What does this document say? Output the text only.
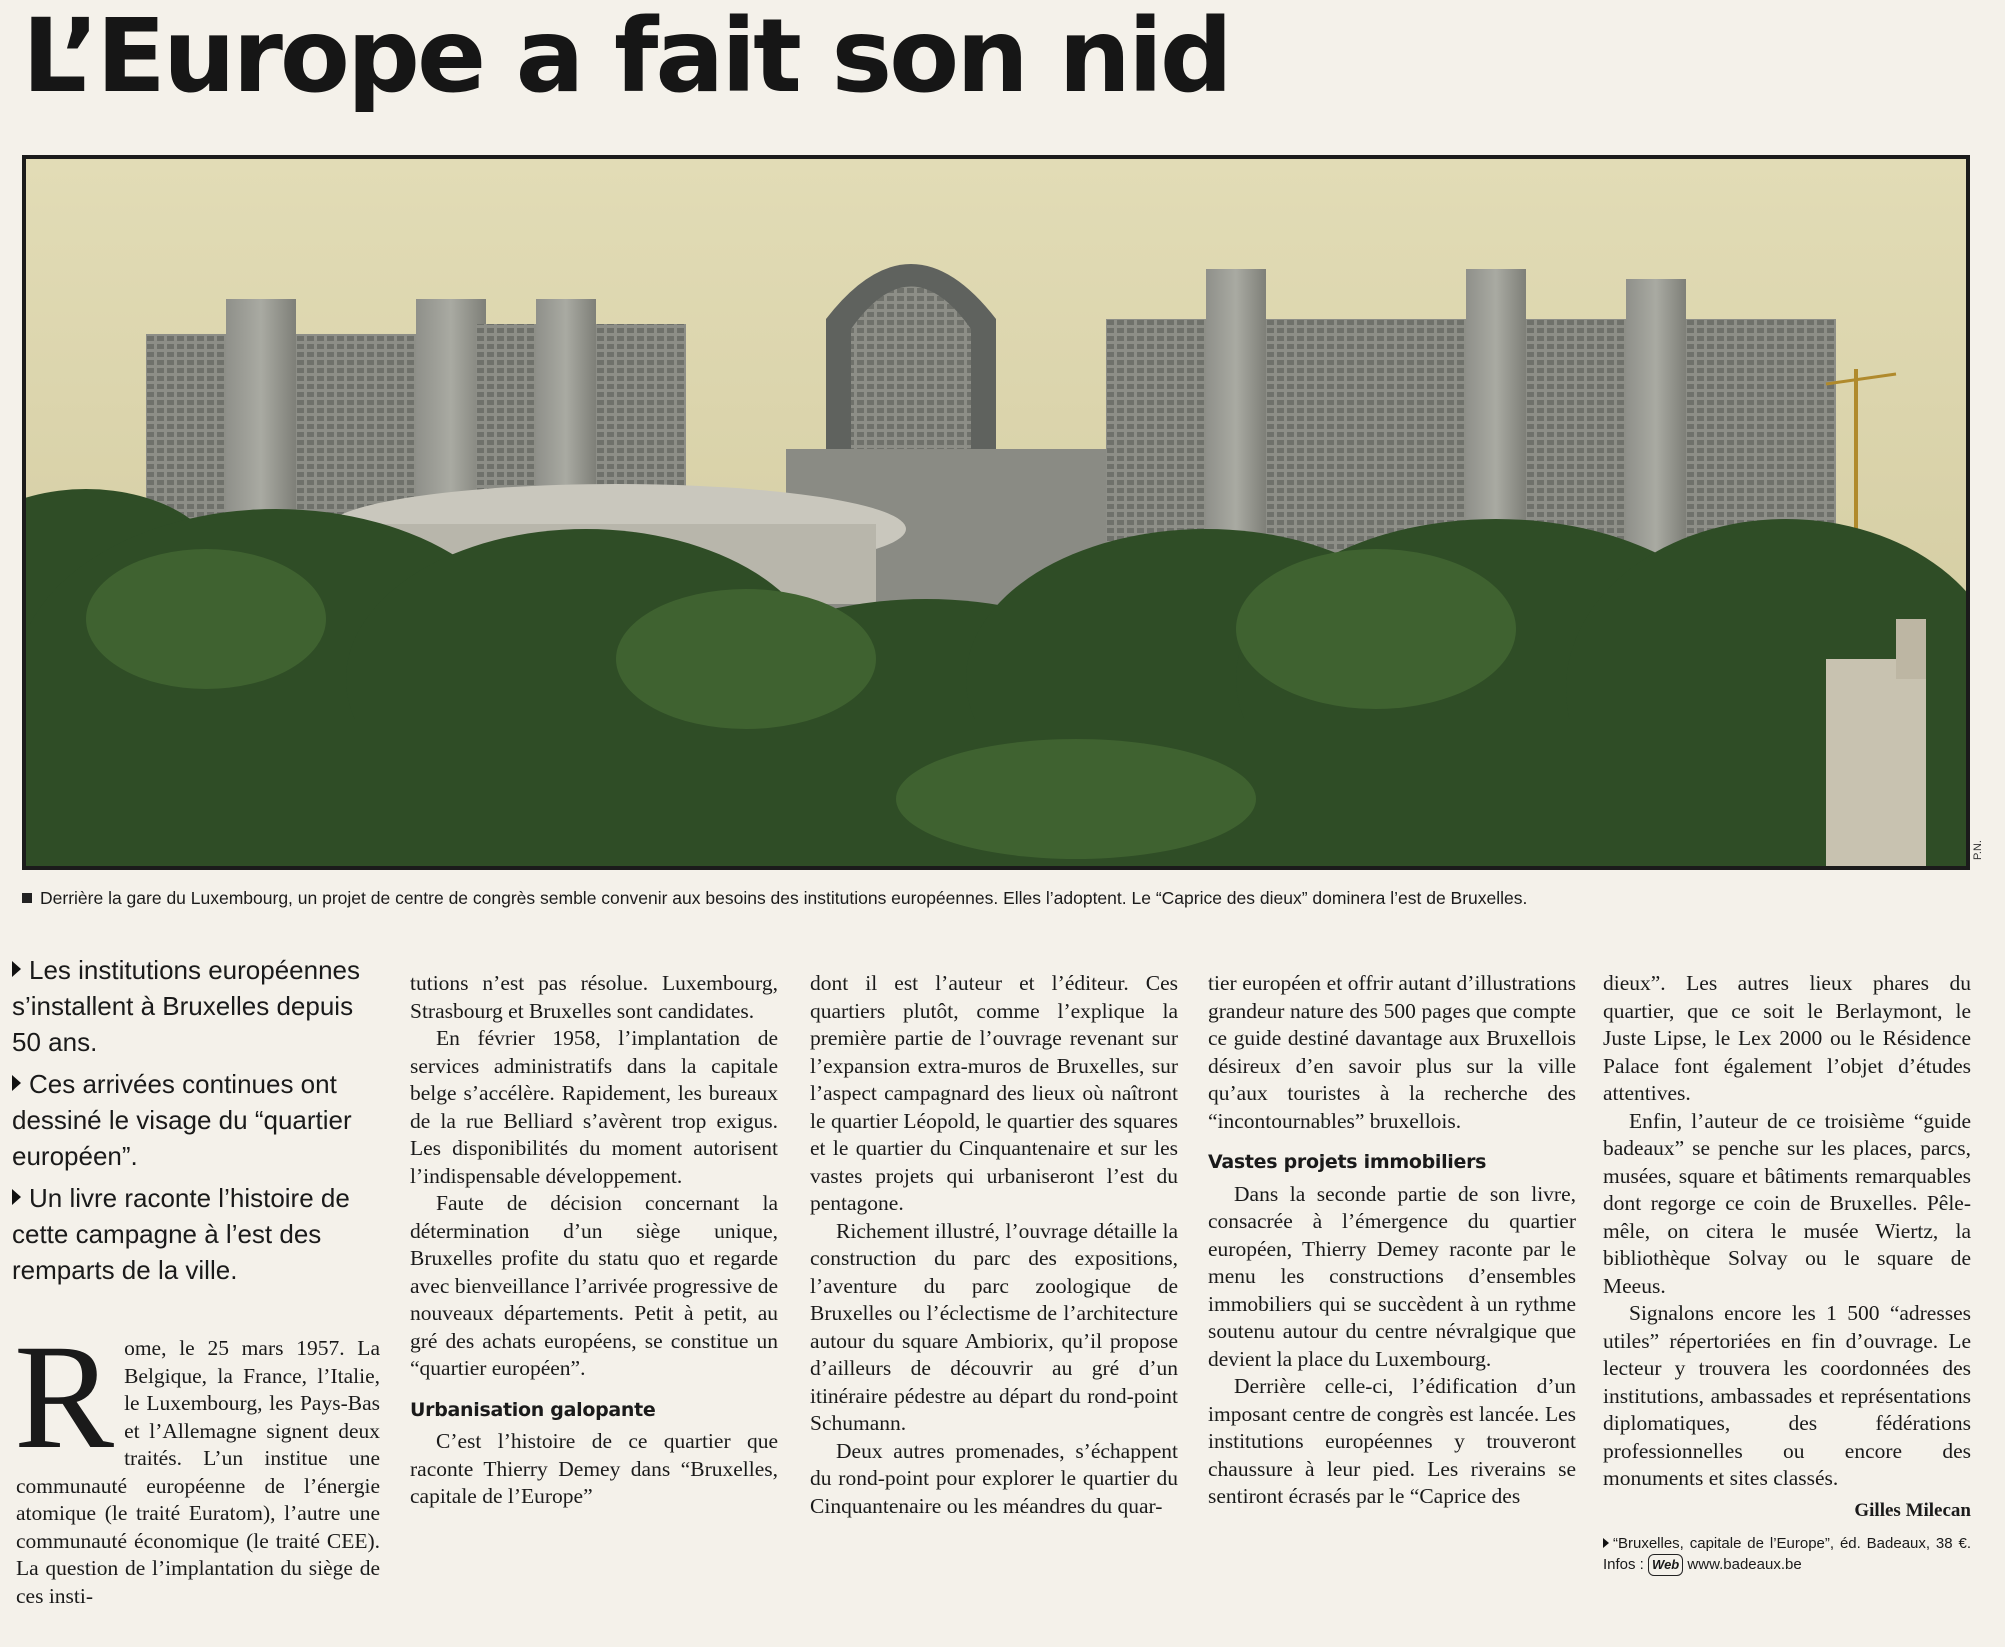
L’Europe a fait son nid
P.N.
Derrière la gare du Luxembourg, un projet de centre de congrès semble convenir aux besoins des institutions européennes. Elles l’adoptent. Le “Caprice des dieux” dominera l’est de Bruxelles.

Les institutions européennes s’installent à Bruxelles depuis 50 ans.

Ces arrivées continues ont dessiné le visage du “quartier européen”.

Un livre raconte l’histoire de cette campagne à l’est des remparts de la ville.

Rome, le 25 mars 1957. La Belgique, la France, l’Italie, le Luxembourg, les Pays-Bas et l’Allemagne signent deux traités. L’un institue une communauté européenne de l’énergie atomique (le traité Euratom), l’autre une communauté économique (le traité CEE). La question de l’implantation du siège de ces insti-

tutions n’est pas résolue. Luxembourg, Strasbourg et Bruxelles sont candidates.

En février 1958, l’implantation de services administratifs dans la capitale belge s’accélère. Rapidement, les bureaux de la rue Belliard s’avèrent trop exigus. Les disponibilités du moment autorisent l’indispensable développement.

Faute de décision concernant la détermination d’un siège unique, Bruxelles profite du statu quo et regarde avec bienveillance l’arrivée progressive de nouveaux départements. Petit à petit, au gré des achats européens, se constitue un “quartier européen”.

Urbanisation galopante

C’est l’histoire de ce quartier que raconte Thierry Demey dans “Bruxelles, capitale de l’Europe”

dont il est l’auteur et l’éditeur. Ces quartiers plutôt, comme l’explique la première partie de l’ouvrage revenant sur l’expansion extra-muros de Bruxelles, sur l’aspect campagnard des lieux où naîtront le quartier Léopold, le quartier des squares et le quartier du Cinquantenaire et sur les vastes projets qui urbaniseront l’est du pentagone.

Richement illustré, l’ouvrage détaille la construction du parc des expositions, l’aventure du parc zoologique de Bruxelles ou l’éclectisme de l’architecture autour du square Ambiorix, qu’il propose d’ailleurs de découvrir au gré d’un itinéraire pédestre au départ du rond-point Schumann.

Deux autres promenades, s’échappent du rond-point pour explorer le quartier du Cinquantenaire ou les méandres du quar-

tier européen et offrir autant d’illustrations grandeur nature des 500 pages que compte ce guide destiné davantage aux Bruxellois désireux d’en savoir plus sur la ville qu’aux touristes à la recherche des “incontournables” bruxellois.

Vastes projets immobiliers

Dans la seconde partie de son livre, consacrée à l’émergence du quartier européen, Thierry Demey raconte par le menu les constructions d’ensembles immobiliers qui se succèdent à un rythme soutenu autour du centre névralgique que devient la place du Luxembourg.

Derrière celle-ci, l’édification d’un imposant centre de congrès est lancée. Les institutions européennes y trouveront chaussure à leur pied. Les riverains se sentiront écrasés par le “Caprice des

dieux”. Les autres lieux phares du quartier, que ce soit le Berlaymont, le Juste Lipse, le Lex 2000 ou le Résidence Palace font également l’objet d’études attentives.

Enfin, l’auteur de ce troisième “guide badeaux” se penche sur les places, parcs, musées, square et bâtiments remarquables dont regorge ce coin de Bruxelles. Pêle-mêle, on citera le musée Wiertz, la bibliothèque Solvay ou le square de Meeus.

Signalons encore les 1 500 “adresses utiles” répertoriées en fin d’ouvrage. Le lecteur y trouvera les coordonnées des institutions, ambassades et représentations diplomatiques, des fédérations professionnelles ou encore des monuments et sites classés.

Gilles Milecan
“Bruxelles, capitale de l’Europe”, éd. Badeaux, 38 €. Infos : Web www.badeaux.be
